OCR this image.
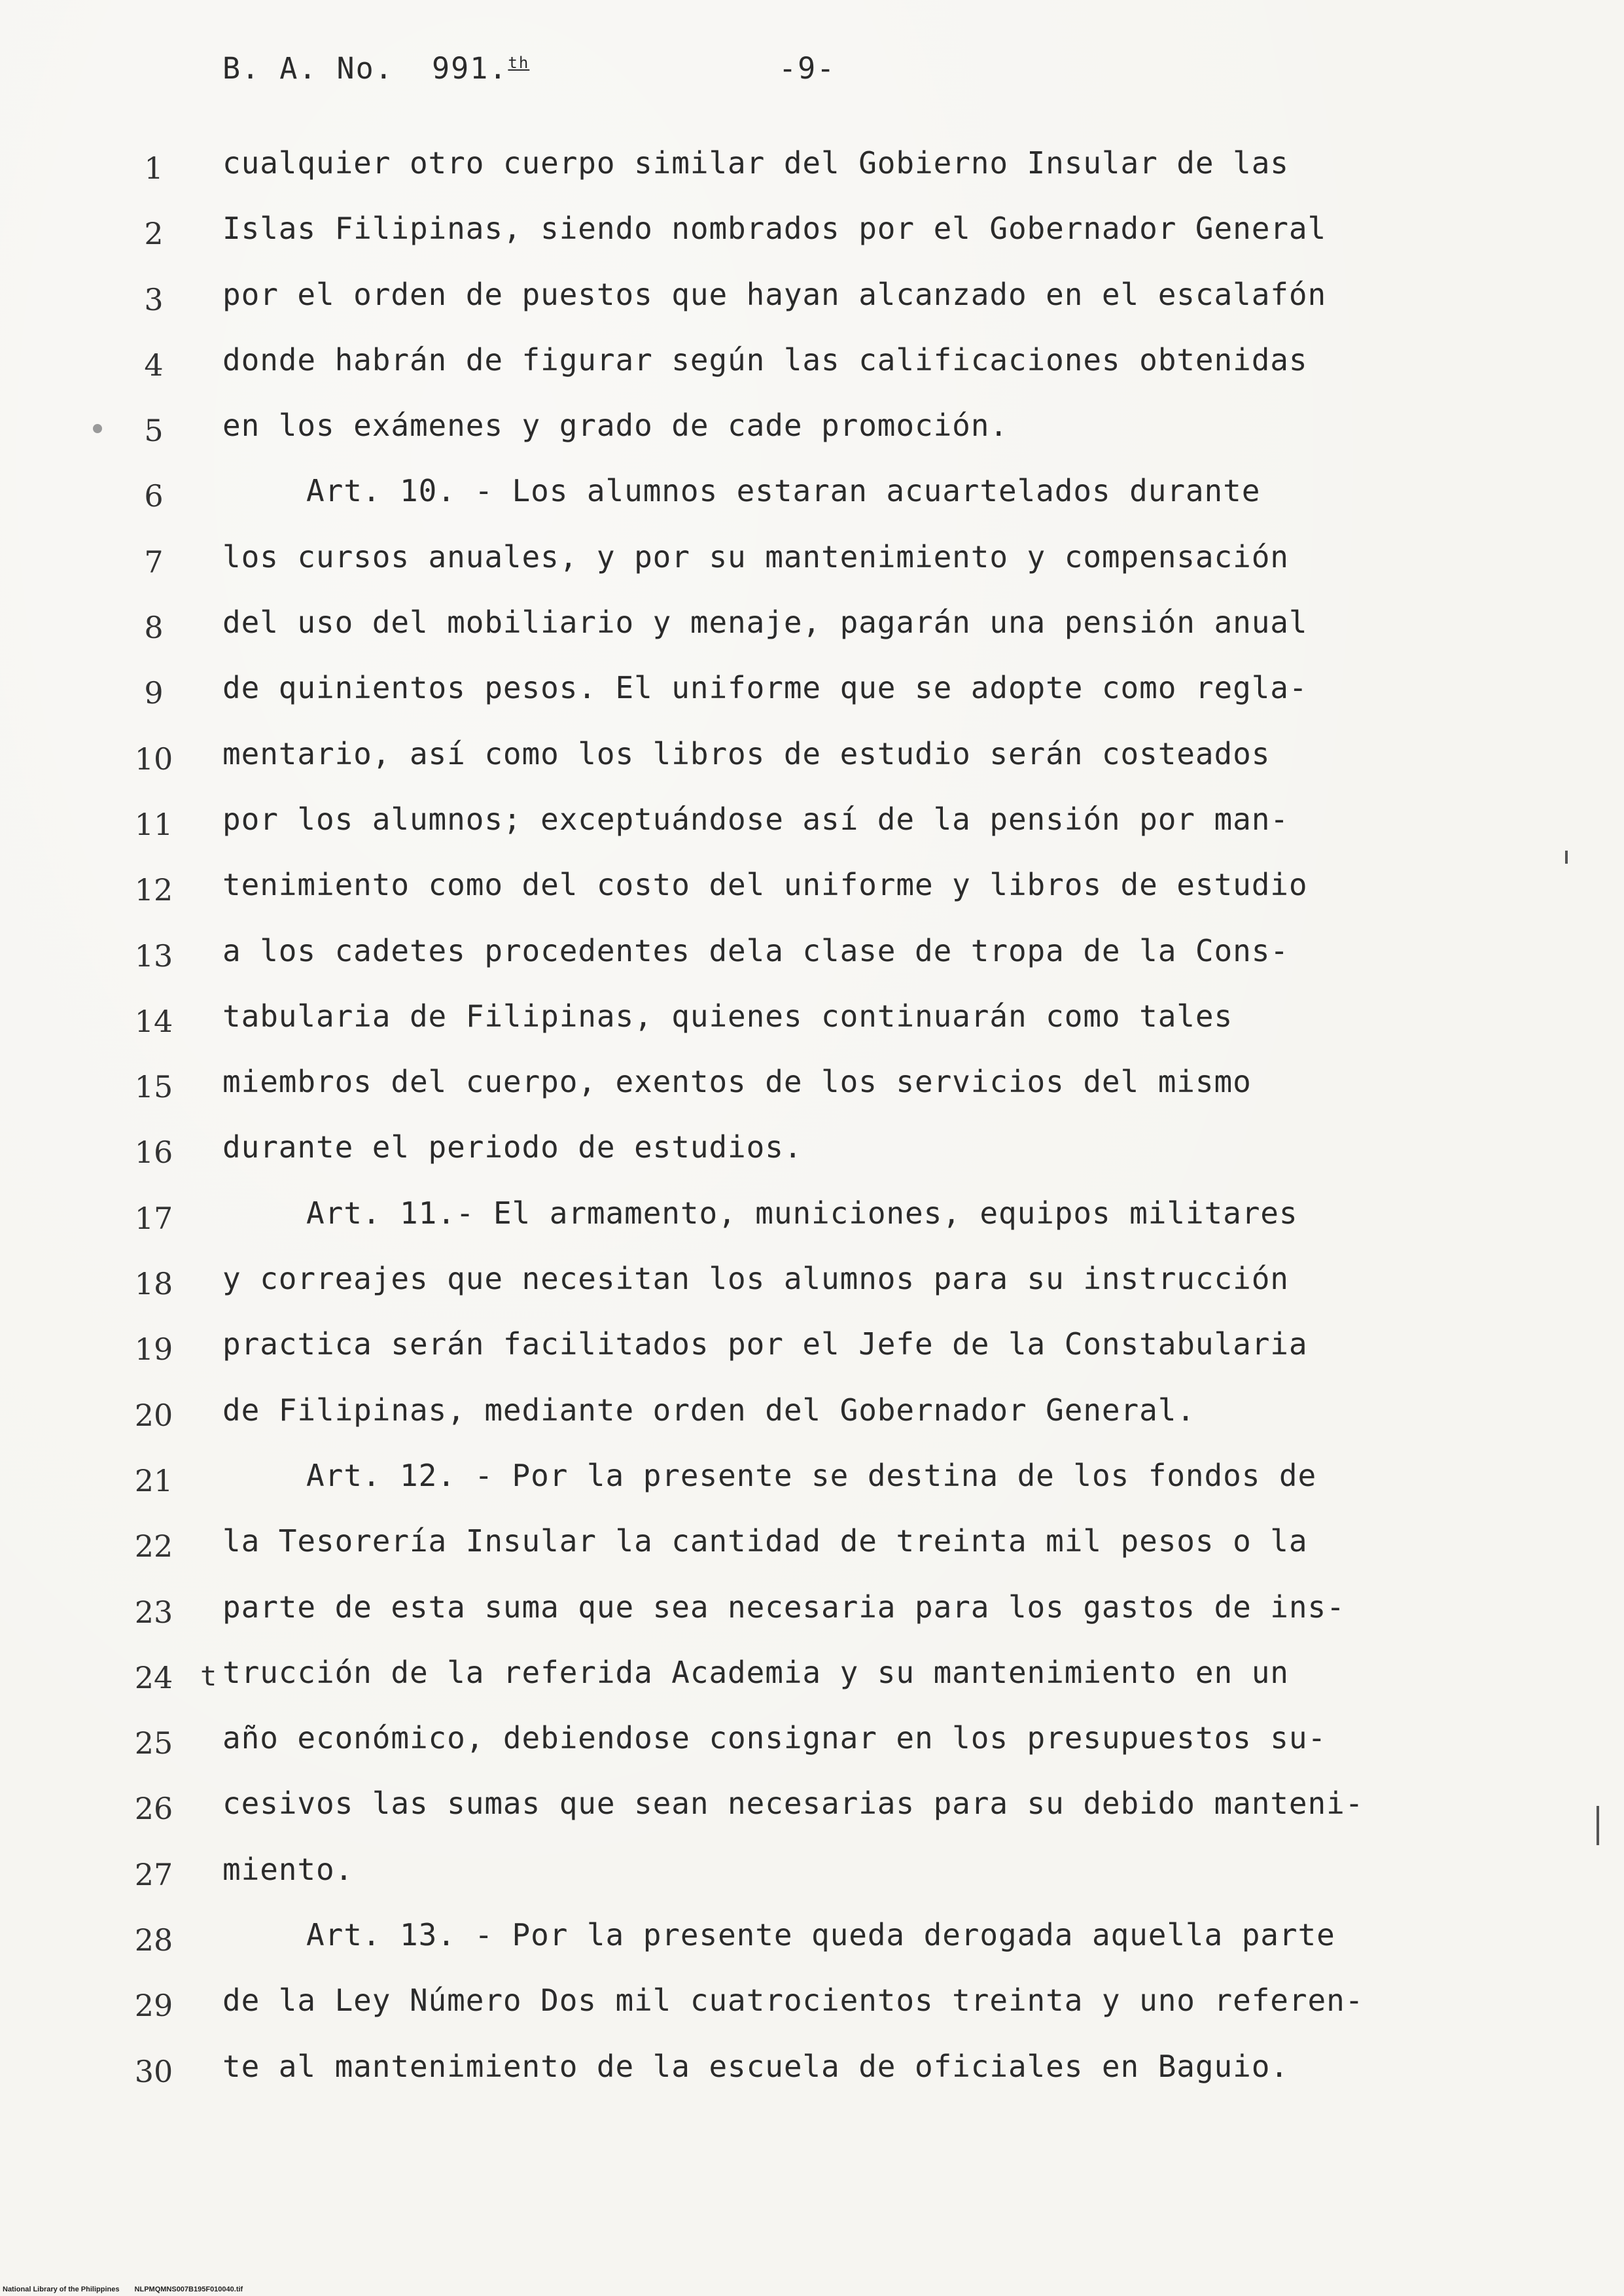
B. A. No. 991.$^{th}$	-9-
1	cualquier otro cuerpo similar del Gobierno Insular de las
2	Islas Filipinas, siendo nombrados por el Gobernador General
3	por el orden de puestos que hayan alcanzado en el escalafón
4	donde habrán de figurar según las calificaciones obtenidas
5	en los exámenes y grado de cade promoción.
6	Art. 10. - Los alumnos estaran acuartelados durante
7	los cursos anuales, y por su mantenimiento y compensación
8	del uso del mobiliario y menaje, pagarán una pensión anual
9	de quinientos pesos. El uniforme que se adopte como regla-
10	mentario, así como los libros de estudio serán costeados
11	por los alumnos; exceptuándose así de la pensión por man-
12	tenimiento como del costo del uniforme y libros de estudio
13	a los cadetes procedentes dela clase de tropa de la Cons-
14	tabularia de Filipinas, quienes continuarán como tales
15	miembros del cuerpo, exentos de los servicios del mismo
16	durante el periodo de estudios.
17	Art. 11.- El armamento, municiones, equipos militares
18	y correajes que necesitan los alumnos para su instrucción
19	practica serán facilitados por el Jefe de la Constabularia
20	de Filipinas, mediante orden del Gobernador General.
21	Art. 12. - Por la presente se destina de los fondos de
22	la Tesorería Insular la cantidad de treinta mil pesos o la
23	parte de esta suma que sea necesaria para los gastos de ins-
24 t trucción de la referida Academia y su mantenimiento en un
25	año económico, debiendose consignar en los presupuestos su-
26	cesivos las sumas que sean necesarias para su debido manteni-
27	miento.
28	Art. 13. - Por la presente queda derogada aquella parte
29	de la Ley Número Dos mil cuatrocientos treinta y uno referen-
30	te al mantenimiento de la escuela de oficiales en Baguio.
National Library of the Philippines NLPMQMNS007B195F010040.tif
